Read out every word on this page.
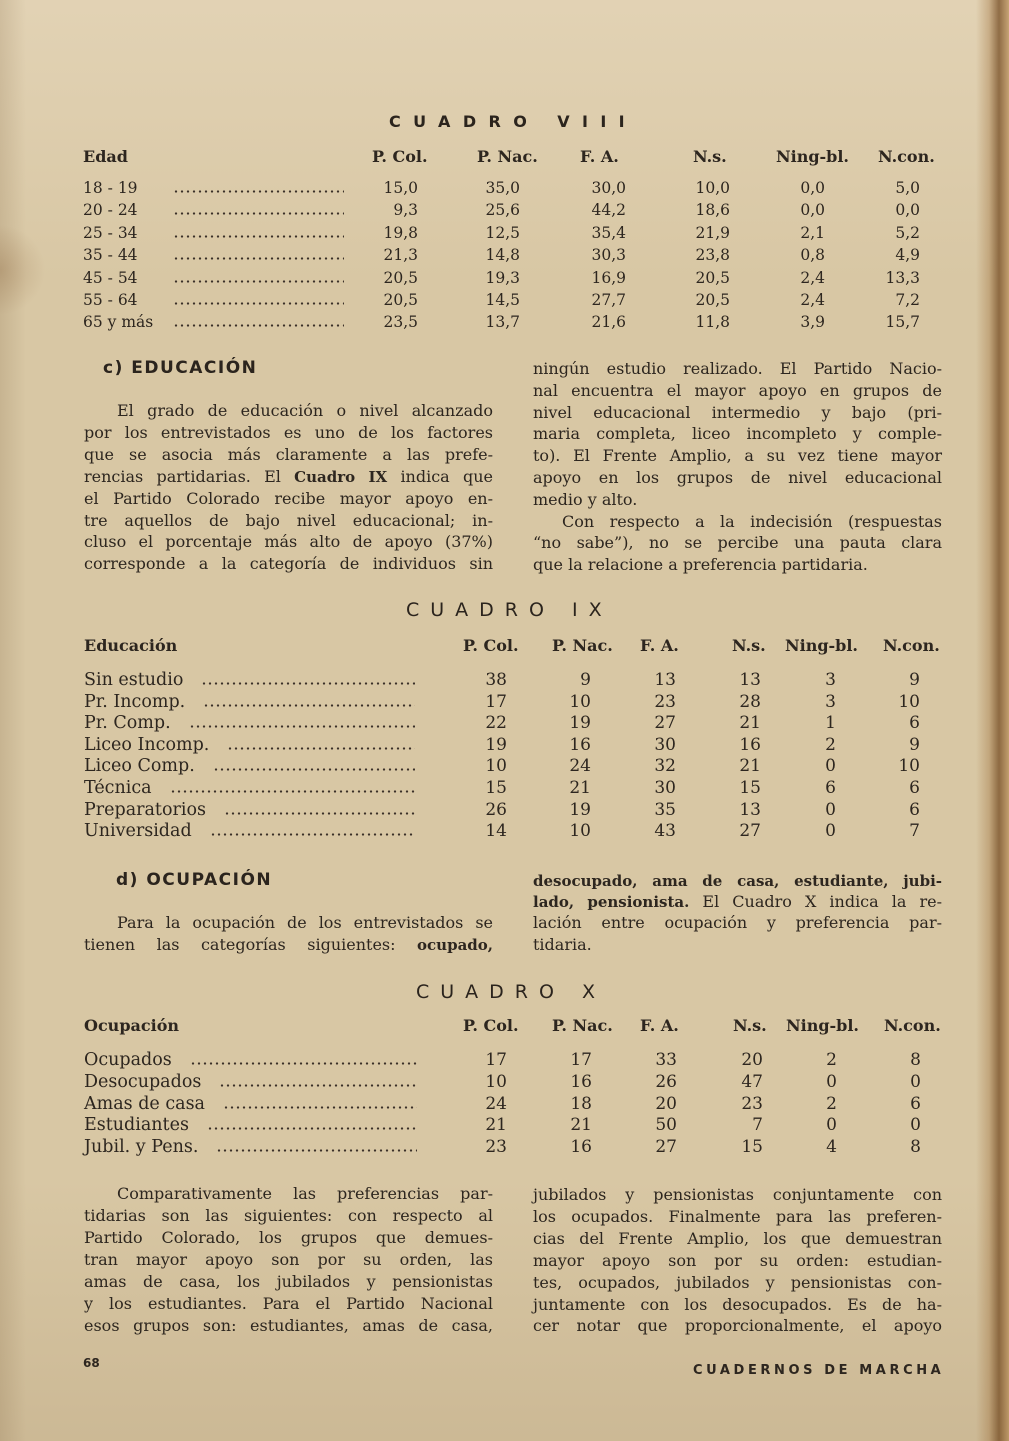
CUADRO VIII
Edad	P. Col.	P. Nac.	F. A.	N.s.	Ning-bl. N.con.
18 - 19	15,0	35,0	30,0	10,0	0,0	5,0
20 - 24	9,3	25,6	44,2	18,6	0,0	0,0
25 - 34	19,8	12,5	35,4	21,9	2,1	5,2
35 - 44	21,3	14,8	30,3	23,8	0,8	4,9
45 - 54	20,5	19,3	16,9	20,5	2,4	13,3
55 - 64	20,5	14,5	27,7	20,5	2,4	7,2
65 y más	23,5	13,7	21,6	11,8	3,9	15,7
c) EDUCACIÓN
El grado de educación o nivel alcanzado
por los entrevistados es uno de los factores
que se asocia más claramente a las prefe-
rencias partidarias. El Cuadro IX indica que
el Partido Colorado recibe mayor apoyo en-
tre aquellos de bajo nivel educacional; in-
cluso el porcentaje más alto de apoyo (37%)
corresponde a la categoría de individuos sin
ningún estudio realizado. El Partido Nacio-
nal encuentra el mayor apoyo en grupos de
nivel educacional intermedio y bajo (pri-
maria completa, liceo incompleto y comple-
to). El Frente Amplio, a su vez tiene mayor
apoyo en los grupos de nivel educacional
medio y alto.
Con respecto a la indecisión (respuestas
“no sabe”), no se percibe una pauta clara
que la relacione a preferencia partidaria.
CUADRO IX
Educación	P. Col. P. Nac. F. A.	N.s. Ning-bl. N.con.
Sin estudio	38	9	13	13	3	9
Pr. Incomp.	17	10	23	28	3	10
Pr. Comp.	22	19	27	21	1	6
Liceo Incomp.	19	16	30	16	2	9
Liceo Comp.	10	24	32	21	0	10
Técnica	15	21	30	15	6	6
Preparatorios	26	19	35	13	0	6
Universidad	14	10	43	27	0	7
d) OCUPACIÓN
Para la ocupación de los entrevistados se
tienen las categorías siguientes: ocupado,
desocupado, ama de casa, estudiante, jubi-
lado, pensionista. El Cuadro X indica la re-
lación entre ocupación y preferencia par-
tidaria.
CUADRO X
Ocupación	P. Col. P. Nac. F. A.	N.s. Ning-bl. N.con.
Ocupados	17	17	33	20	2	8
Desocupados	10	16	26	47	0	0
Amas de casa	24	18	20	23	2	6
Estudiantes	21	21	50	7	0	0
Jubil. y Pens.	23	16	27	15	4	8
Comparativamente las preferencias par-
tidarias son las siguientes: con respecto al
Partido Colorado, los grupos que demues-
tran mayor apoyo son por su orden, las
amas de casa, los jubilados y pensionistas
y los estudiantes. Para el Partido Nacional
esos grupos son: estudiantes, amas de casa,
jubilados y pensionistas conjuntamente con
los ocupados. Finalmente para las preferen-
cias del Frente Amplio, los que demuestran
mayor apoyo son por su orden: estudian-
tes, ocupados, jubilados y pensionistas con-
juntamente con los desocupados. Es de ha-
cer notar que proporcionalmente, el apoyo
68	CUADERNOS DE MARCHA
